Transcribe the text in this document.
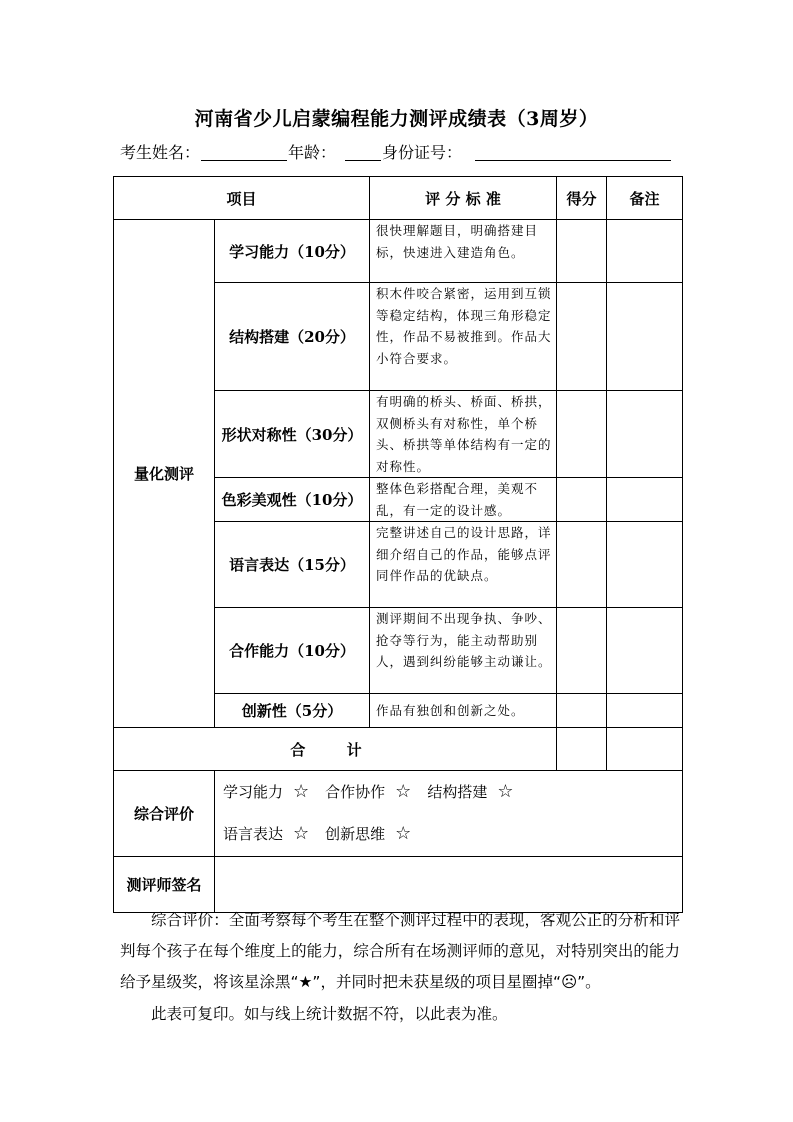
河南省少儿启蒙编程能力测评成绩表（3周岁）
考生姓名：	年龄：	身份证号：
项目		评 分 标 准	得分	备注
量化测评	学习能力（10分）	很快理解题目，明确搭建目标，快速进入建造角色。		
	结构搭建（20分）	积木件咬合紧密，运用到互锁等稳定结构，体现三角形稳定性，作品不易被推到。作品大小符合要求。		
	形状对称性（30分）	有明确的桥头、桥面、桥拱，双侧桥头有对称性，单个桥头、桥拱等单体结构有一定的对称性。		
	色彩美观性（10分）	整体色彩搭配合理，美观不乱，有一定的设计感。		
	语言表达（15分）	完整讲述自己的设计思路，详细介绍自己的作品，能够点评同伴作品的优缺点。		
	合作能力（10分）	测评期间不出现争执、争吵、抢夺等行为，能主动帮助别人，遇到纠纷能够主动谦让。		
	创新性（5分）	作品有独创和创新之处。		
合 计				
综合评价	学习能力 ☆ 合作协作 ☆ 结构搭建 ☆
语言表达 ☆ 创新思维 ☆			

测评师签名				
综合评价：全面考察每个考生在整个测评过程中的表现，客观公正的分析和评判每个孩子在每个维度上的能力，综合所有在场测评师的意见，对特别突出的能力给予星级奖，将该星涂黑“★”，并同时把未获星级的项目星圈掉“☹”。
此表可复印。如与线上统计数据不符，以此表为准。
